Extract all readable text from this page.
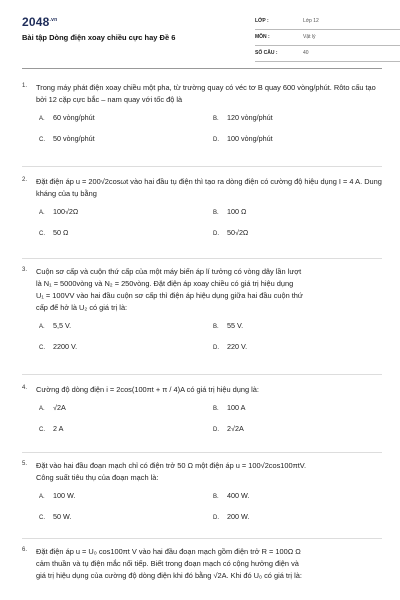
$2048^{.vn}$
Bài tập Dòng điện xoay chiều cực hay Đề 6
LỚP :	Lớp 12
MÔN :	Vật lý
SỐ CÂU :	40
1. Trong máy phát điện xoay chiều một pha, từ trường quay có véc tơ B quay 600 vòng/phút. Rôto cấu tạo bởi 12 cặp cực bắc – nam quay với tốc độ là
A. 60 vòng/phút	B. 120 vòng/phút
C. 50 vòng/phút	D. 100 vòng/phút
2. Đặt điện áp u = 200√2cosωt vào hai đầu tụ điện thì tạo ra dòng điện có cường độ hiệu dụng I = 4 A. Dung kháng của tụ bằng
A. 100√2Ω	B. 100 Ω
C. 50 Ω	D. 50√2Ω
3. Cuộn sơ cấp và cuộn thứ cấp của một máy biến áp lí tưởng có vòng dây lần lượt
là N₁ = 5000vòng và N₂ = 250vòng. Đặt điện áp xoay chiều có giá trị hiệu dụng
U₁ = 100VV vào hai đầu cuộn sơ cấp thì điện áp hiệu dụng giữa hai đầu cuộn thứ
cấp để hở là U₂ có giá trị là:
A. 5,5 V.	B. 55 V.
C. 2200 V.	D. 220 V.
4. Cường độ dòng điện i = 2cos(100πt + π / 4)A có giá trị hiệu dụng là:
A. √2A	B. 100 A
C. 2 A	D. 2√2A
5. Đặt vào hai đầu đoạn mạch chỉ có điện trở 50 Ω một điện áp u = 100√2cos100πtV.
Công suất tiêu thụ của đoạn mạch là:
A. 100 W.	B. 400 W.
C. 50 W.	D. 200 W.
6. Đặt điện áp u = U₀ cos100πt V vào hai đầu đoạn mạch gồm điện trở R = 100Ω Ω
cảm thuần và tụ điện mắc nối tiếp. Biết trong đoạn mạch có cộng hưởng điện và
giá trị hiệu dụng của cường độ dòng điện khi đó bằng √2A. Khi đó U₀ có giá trị là:
